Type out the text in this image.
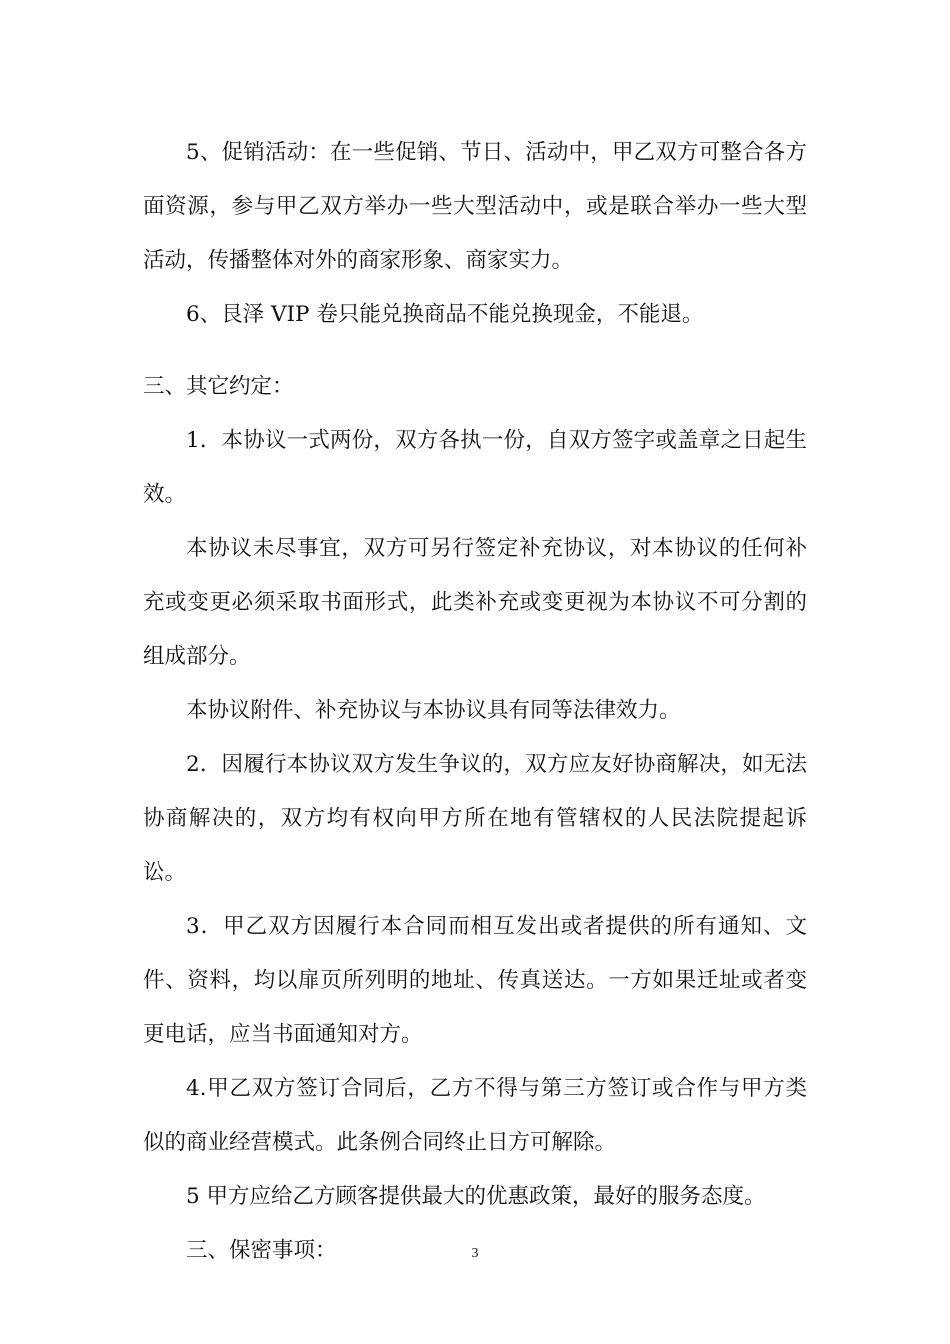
5、促销活动：在一些促销、节日、活动中，甲乙双方可整合各方面资源，参与甲乙双方举办一些大型活动中，或是联合举办一些大型活动，传播整体对外的商家形象、商家实力。

6、艮泽 VIP 卷只能兑换商品不能兑换现金，不能退。

三、其它约定：

1．本协议一式两份，双方各执一份，自双方签字或盖章之日起生效。

本协议未尽事宜，双方可另行签定补充协议，对本协议的任何补充或变更必须采取书面形式，此类补充或变更视为本协议不可分割的组成部分。

本协议附件、补充协议与本协议具有同等法律效力。

2．因履行本协议双方发生争议的，双方应友好协商解决，如无法协商解决的，双方均有权向甲方所在地有管辖权的人民法院提起诉讼。

3．甲乙双方因履行本合同而相互发出或者提供的所有通知、文件、资料，均以扉页所列明的地址、传真送达。一方如果迁址或者变更电话，应当书面通知对方。

4.甲乙双方签订合同后，乙方不得与第三方签订或合作与甲方类似的商业经营模式。此条例合同终止日方可解除。

5 甲方应给乙方顾客提供最大的优惠政策，最好的服务态度。

三、保密事项：	3
